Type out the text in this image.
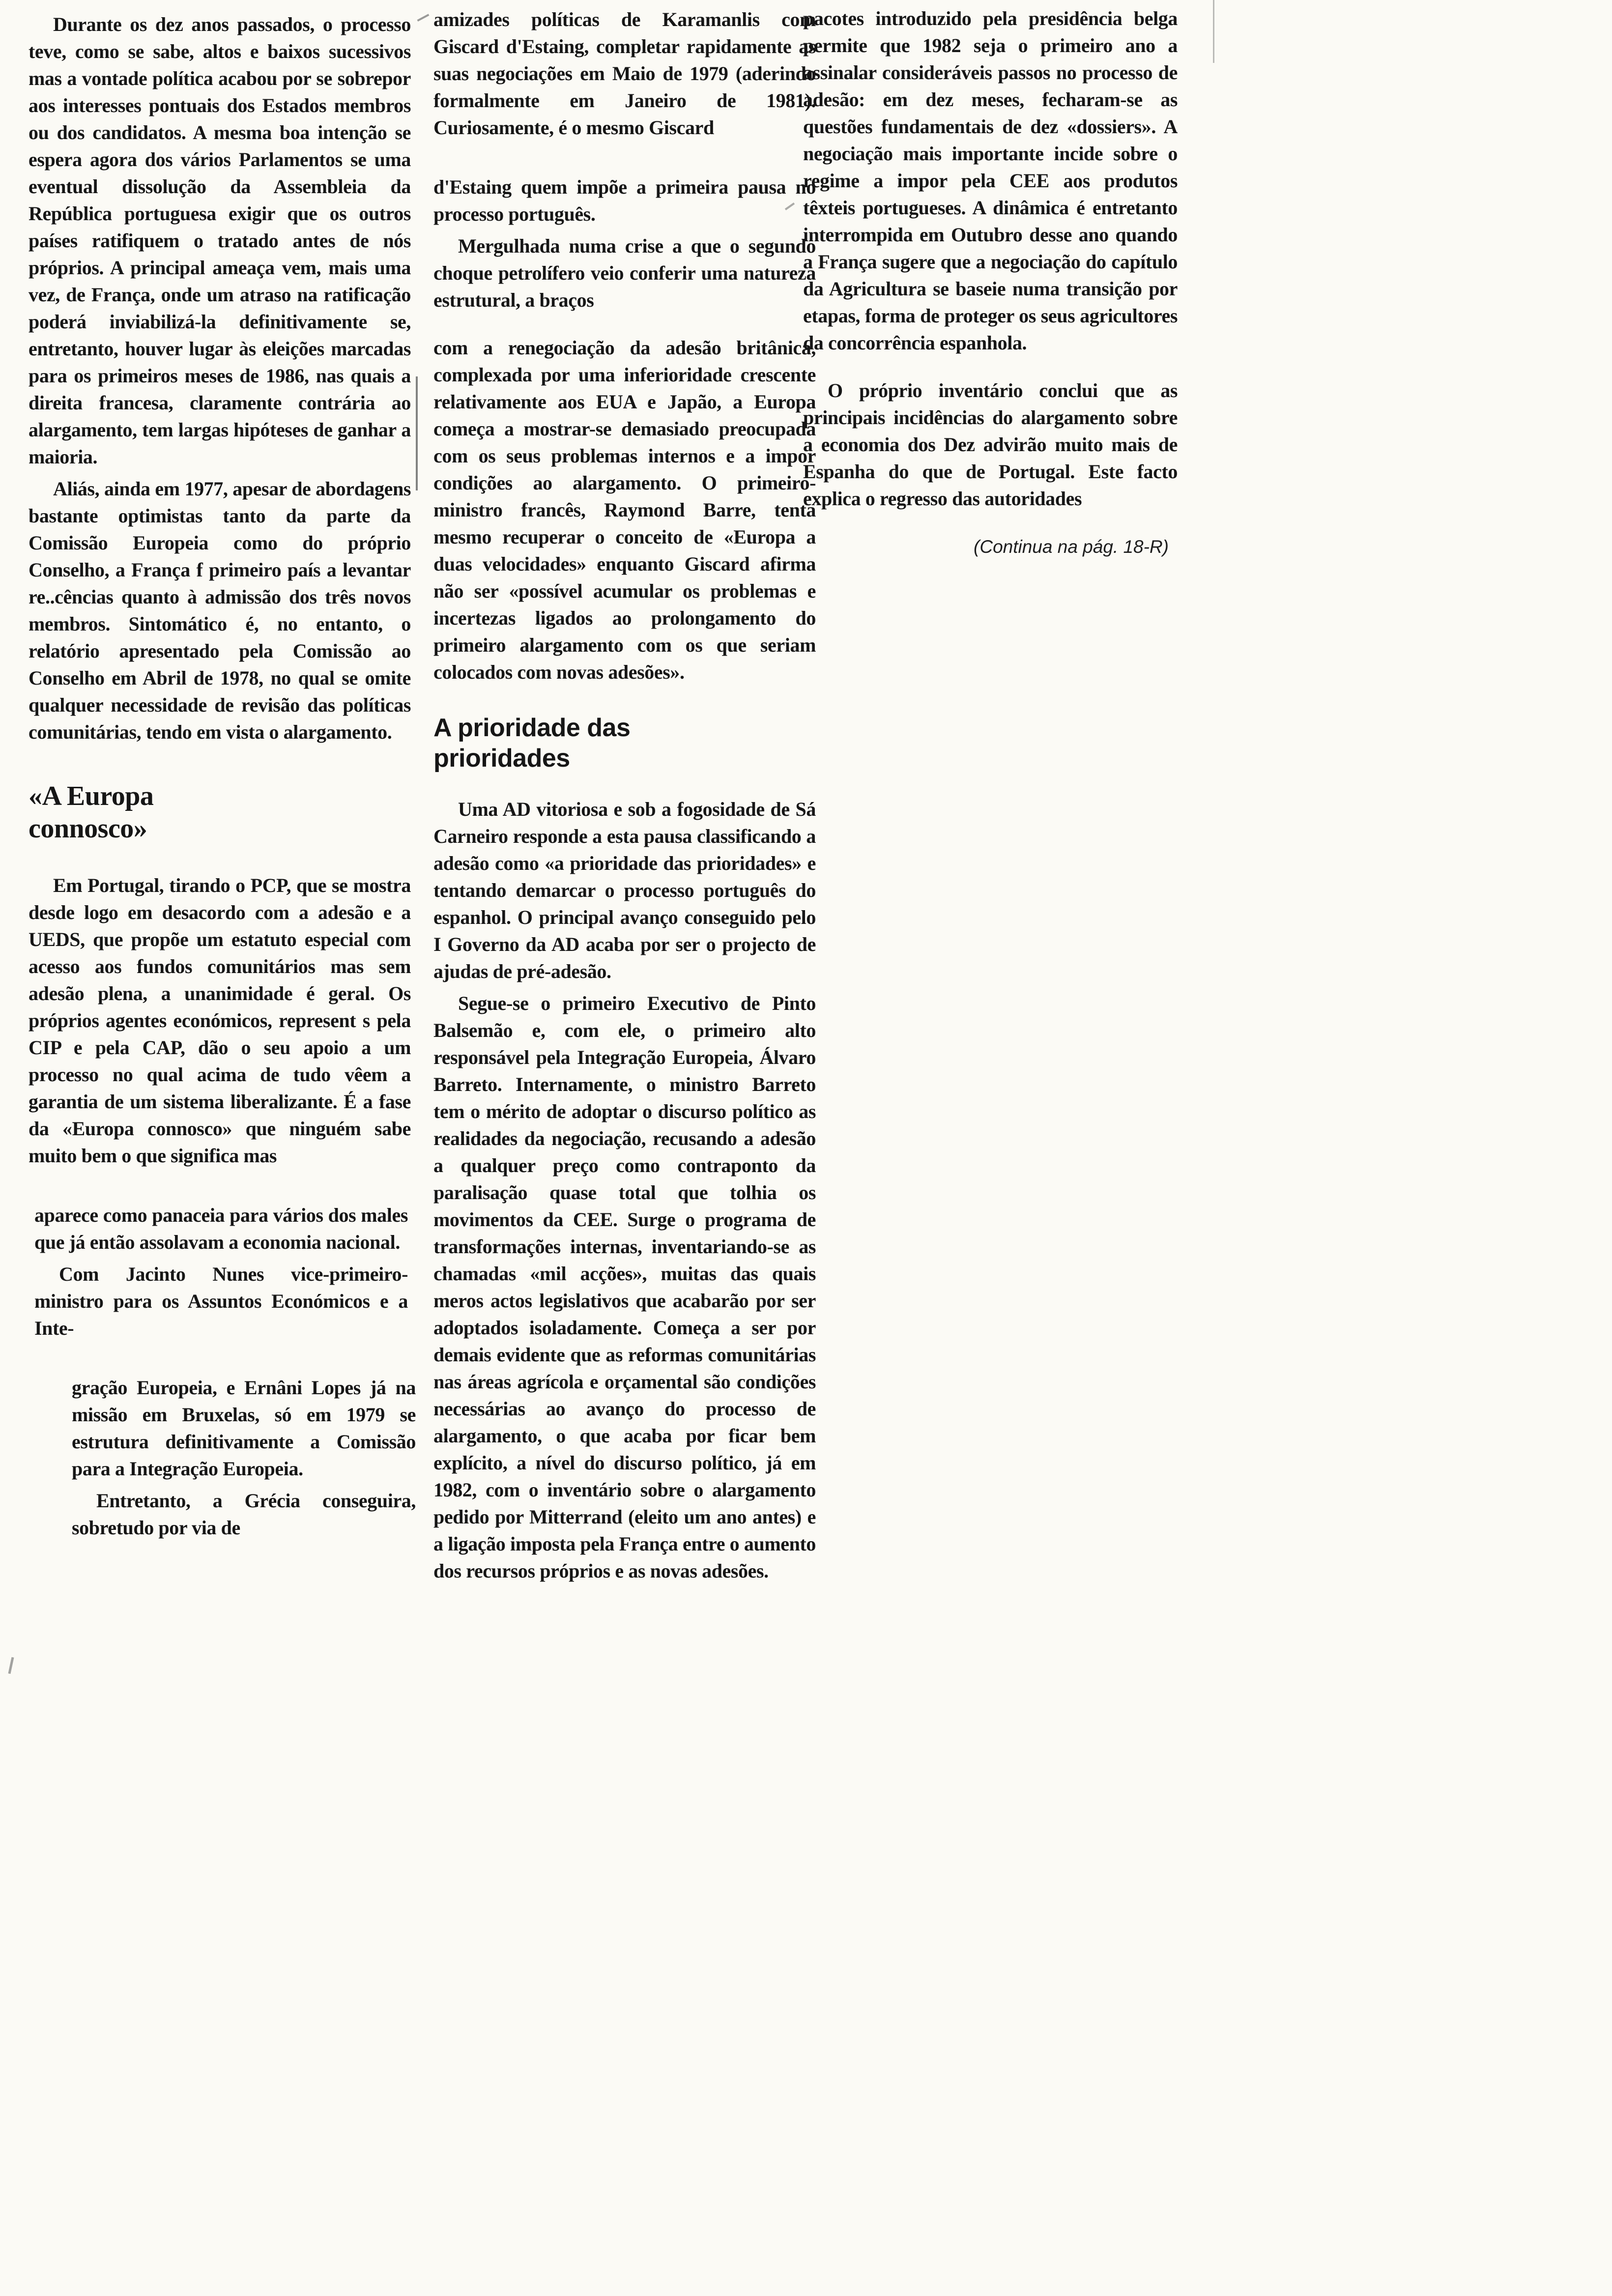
Durante os dez anos passados, o processo teve, como se sabe, altos e baixos sucessivos mas a vontade política acabou por se sobrepor aos interesses pontuais dos Estados membros ou dos candidatos. A mesma boa intenção se espera agora dos vários Parlamentos se uma eventual dissolução da Assembleia da República portuguesa exigir que os outros países ratifiquem o tratado antes de nós próprios. A principal ameaça vem, mais uma vez, de França, onde um atraso na ratificação poderá inviabilizá-la definitivamente se, entretanto, houver lugar às eleições marcadas para os primeiros meses de 1986, nas quais a direita francesa, claramente contrária ao alargamento, tem largas hipóteses de ganhar a maioria.

Aliás, ainda em 1977, apesar de abordagens bastante optimistas tanto da parte da Comissão Europeia como do próprio Conselho, a França f primeiro país a levantar re..cências quanto à admissão dos três novos membros. Sintomático é, no entanto, o relatório apresentado pela Comissão ao Conselho em Abril de 1978, no qual se omite qualquer necessidade de revisão das políticas comunitárias, tendo em vista o alargamento.

«A Europa connosco»

Em Portugal, tirando o PCP, que se mostra desde logo em desacordo com a adesão e a UEDS, que propõe um estatuto especial com acesso aos fundos comunitários mas sem adesão plena, a unanimidade é geral. Os próprios agentes económicos, represent s pela CIP e pela CAP, dão o seu apoio a um processo no qual acima de tudo vêem a garantia de um sistema liberalizante. É a fase da «Europa connosco» que ninguém sabe muito bem o que significa mas

aparece como panaceia para vários dos males que já então assolavam a economia nacional.

Com Jacinto Nunes vice-primeiro-ministro para os Assuntos Económicos e a Inte-

gração Europeia, e Ernâni Lopes já na missão em Bruxelas, só em 1979 se estrutura definitivamente a Comissão para a Integração Europeia.

Entretanto, a Grécia conseguira, sobretudo por via de

amizades políticas de Karamanlis com Giscard d'Estaing, completar rapidamente as suas negociações em Maio de 1979 (aderindo formalmente em Janeiro de 1981). Curiosamente, é o mesmo Giscard

d'Estaing quem impõe a primeira pausa no processo português.

Mergulhada numa crise a que o segundo choque petrolífero veio conferir uma natureza estrutural, a braços

com a renegociação da adesão britânica, complexada por uma inferioridade crescente relativamente aos EUA e Japão, a Europa começa a mostrar-se demasiado preocupada com os seus problemas internos e a impor condições ao alargamento. O primeiro-ministro francês, Raymond Barre, tenta mesmo recuperar o conceito de «Europa a duas velocidades» enquanto Giscard afirma não ser «possível acumular os problemas e incertezas ligados ao prolongamento do primeiro alargamento com os que seriam colocados com novas adesões».

A prioridade das prioridades

Uma AD vitoriosa e sob a fogosidade de Sá Carneiro responde a esta pausa classificando a adesão como «a prioridade das prioridades» e tentando demarcar o processo português do espanhol. O principal avanço conseguido pelo I Governo da AD acaba por ser o projecto de ajudas de pré-adesão.

Segue-se o primeiro Executivo de Pinto Balsemão e, com ele, o primeiro alto responsável pela Integração Europeia, Álvaro Barreto. Internamente, o ministro Barreto tem o mérito de adoptar o discurso político as realidades da negociação, recusando a adesão a qualquer preço como contraponto da paralisação quase total que tolhia os movimentos da CEE. Surge o programa de transformações internas, inventariando-se as chamadas «mil acções», muitas das quais meros actos legislativos que acabarão por ser adoptados isoladamente. Começa a ser por demais evidente que as reformas comunitárias nas áreas agrícola e orçamental são condições necessárias ao avanço do processo de alargamento, o que acaba por ficar bem explícito, a nível do discurso político, já em 1982, com o inventário sobre o alargamento pedido por Mitterrand (eleito um ano antes) e a ligação imposta pela França entre o aumento dos recursos próprios e as novas adesões.

pacotes introduzido pela presidência belga permite que 1982 seja o primeiro ano a assinalar consideráveis passos no processo de adesão: em dez meses, fecharam-se as questões fundamentais de dez «dossiers». A negociação mais importante incide sobre o regime a impor pela CEE aos produtos têxteis portugueses. A dinâmica é entretanto interrompida em Outubro desse ano quando a França sugere que a negociação do capítulo da Agricultura se baseie numa transição por etapas, forma de proteger os seus agricultores da concorrência espanhola.

O próprio inventário conclui que as principais incidências do alargamento sobre a economia dos Dez advirão muito mais de Espanha do que de Portugal. Este facto explica o regresso das autoridades

(Continua na pág. 18-R)
